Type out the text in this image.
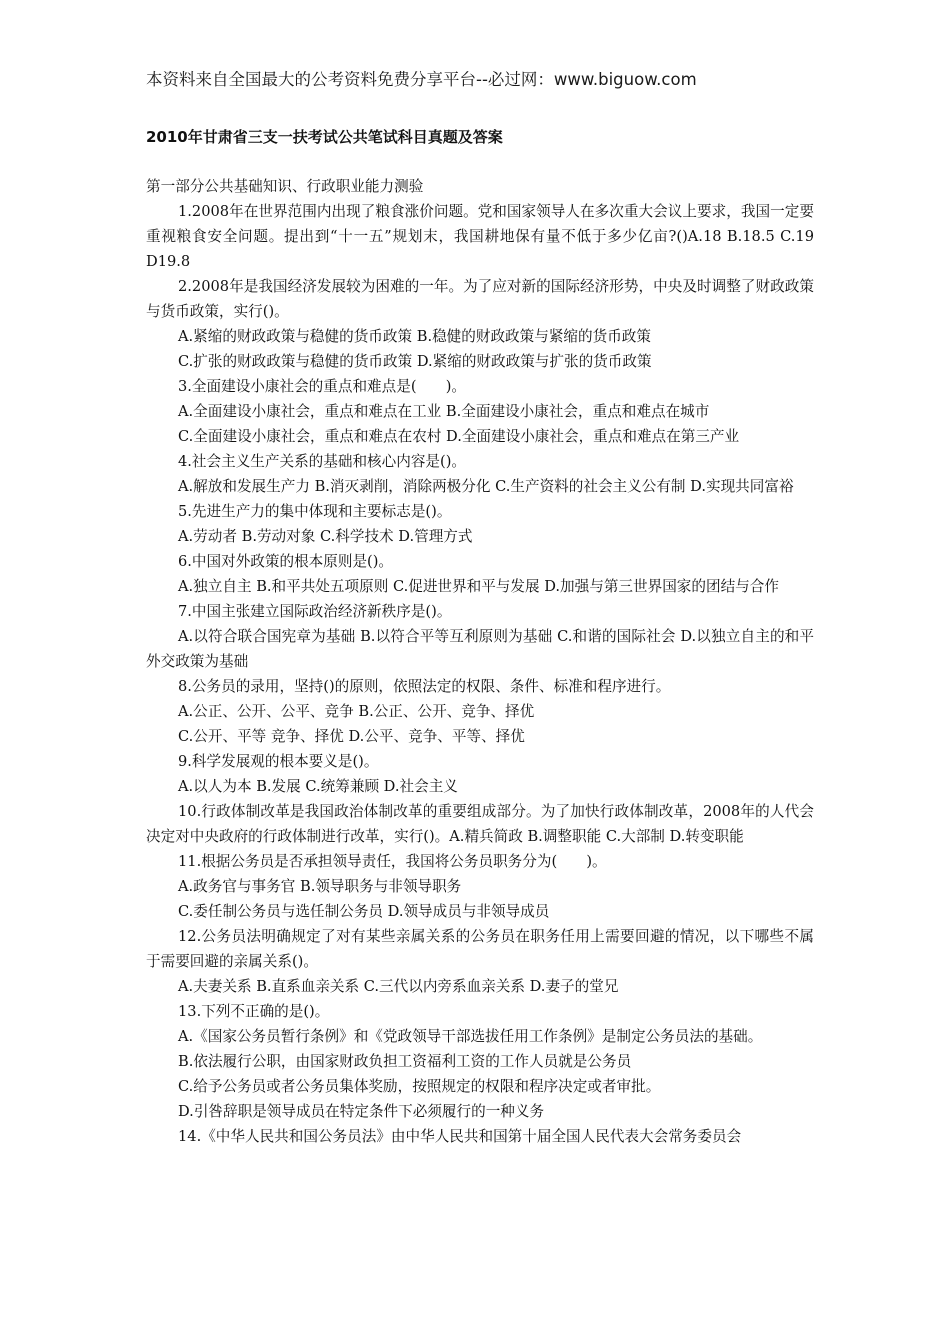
本资料来自全国最大的公考资料免费分享平台--必过网：www.biguow.com
2010年甘肃省三支一扶考试公共笔试科目真题及答案

第一部分公共基础知识、行政职业能力测验

1.2008年在世界范围内出现了粮食涨价问题。党和国家领导人在多次重大会议上要求，我国一定要重视粮食安全问题。提出到“十一五”规划末，我国耕地保有量不低于多少亿亩?()A.18 B.18.5 C.19 D19.8

2.2008年是我国经济发展较为困难的一年。为了应对新的国际经济形势，中央及时调整了财政政策与货币政策，实行()。

A.紧缩的财政政策与稳健的货币政策 B.稳健的财政政策与紧缩的货币政策

C.扩张的财政政策与稳健的货币政策 D.紧缩的财政政策与扩张的货币政策

3.全面建设小康社会的重点和难点是(　　)。

A.全面建设小康社会，重点和难点在工业 B.全面建设小康社会，重点和难点在城市

C.全面建设小康社会，重点和难点在农村 D.全面建设小康社会，重点和难点在第三产业

4.社会主义生产关系的基础和核心内容是()。

A.解放和发展生产力 B.消灭剥削，消除两极分化 C.生产资料的社会主义公有制 D.实现共同富裕

5.先进生产力的集中体现和主要标志是()。

A.劳动者 B.劳动对象 C.科学技术 D.管理方式

6.中国对外政策的根本原则是()。

A.独立自主 B.和平共处五项原则 C.促进世界和平与发展 D.加强与第三世界国家的团结与合作

7.中国主张建立国际政治经济新秩序是()。

A.以符合联合国宪章为基础 B.以符合平等互利原则为基础 C.和谐的国际社会 D.以独立自主的和平外交政策为基础

8.公务员的录用，坚持()的原则，依照法定的权限、条件、标准和程序进行。

A.公正、公开、公平、竞争 B.公正、公开、竞争、择优

C.公开、平等 竞争、择优 D.公平、竞争、平等、择优

9.科学发展观的根本要义是()。

A.以人为本 B.发展 C.统筹兼顾 D.社会主义

10.行政体制改革是我国政治体制改革的重要组成部分。为了加快行政体制改革，2008年的人代会决定对中央政府的行政体制进行改革，实行()。A.精兵简政 B.调整职能 C.大部制 D.转变职能

11.根据公务员是否承担领导责任，我国将公务员职务分为(　　)。

A.政务官与事务官 B.领导职务与非领导职务

C.委任制公务员与选任制公务员 D.领导成员与非领导成员

12.公务员法明确规定了对有某些亲属关系的公务员在职务任用上需要回避的情况，以下哪些不属于需要回避的亲属关系()。

A.夫妻关系 B.直系血亲关系 C.三代以内旁系血亲关系 D.妻子的堂兄

13.下列不正确的是()。

A.《国家公务员暂行条例》和《党政领导干部选拔任用工作条例》是制定公务员法的基础。

B.依法履行公职，由国家财政负担工资福利工资的工作人员就是公务员

C.给予公务员或者公务员集体奖励，按照规定的权限和程序决定或者审批。

D.引咎辞职是领导成员在特定条件下必须履行的一种义务

14.《中华人民共和国公务员法》由中华人民共和国第十届全国人民代表大会常务委员会
